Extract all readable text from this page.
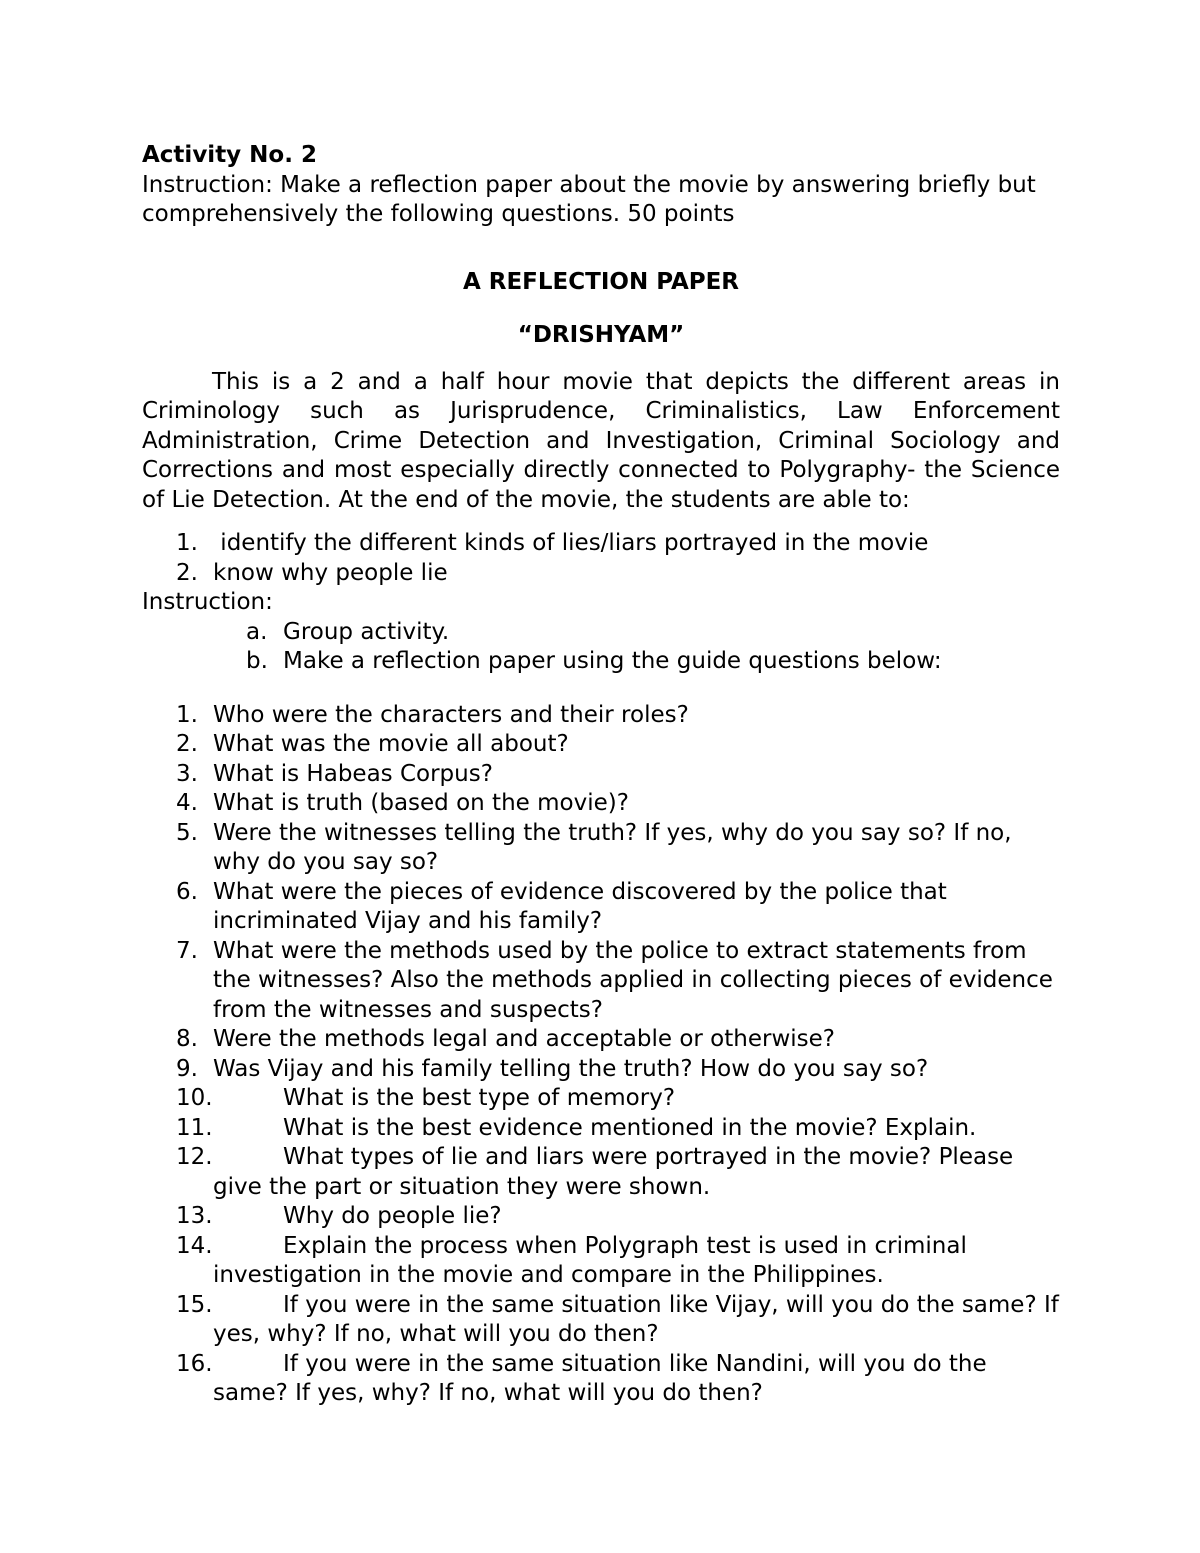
Activity No. 2

Instruction: Make a reflection paper about the movie by answering briefly but comprehensively the following questions. 50 points

A REFLECTION PAPER

“DRISHYAM”

This is a 2 and a half hour movie that depicts the different areas in Criminology such as Jurisprudence, Criminalistics, Law Enforcement Administration, Crime Detection and Investigation, Criminal Sociology and Corrections and most especially directly connected to Polygraphy- the Science of Lie Detection. At the end of the movie, the students are able to:

1. identify the different kinds of lies/liars portrayed in the movie
2. know why people lie

Instruction:

a. Group activity.
b. Make a reflection paper using the guide questions below:
1. Who were the characters and their roles?
2. What was the movie all about?
3. What is Habeas Corpus?
4. What is truth (based on the movie)?
5. Were the witnesses telling the truth? If yes, why do you say so? If no, why do you say so?
6. What were the pieces of evidence discovered by the police that incriminated Vijay and his family?
7. What were the methods used by the police to extract statements from the witnesses? Also the methods applied in collecting pieces of evidence from the witnesses and suspects?
8. Were the methods legal and acceptable or otherwise?
9. Was Vijay and his family telling the truth? How do you say so?
10.	What is the best type of memory?
11.	What is the best evidence mentioned in the movie? Explain.
12.	What types of lie and liars were portrayed in the movie? Please give the part or situation they were shown.
13.	Why do people lie?
14.	Explain the process when Polygraph test is used in criminal investigation in the movie and compare in the Philippines.
15.	If you were in the same situation like Vijay, will you do the same? If yes, why? If no, what will you do then?
16.	If you were in the same situation like Nandini, will you do the same? If yes, why? If no, what will you do then?
